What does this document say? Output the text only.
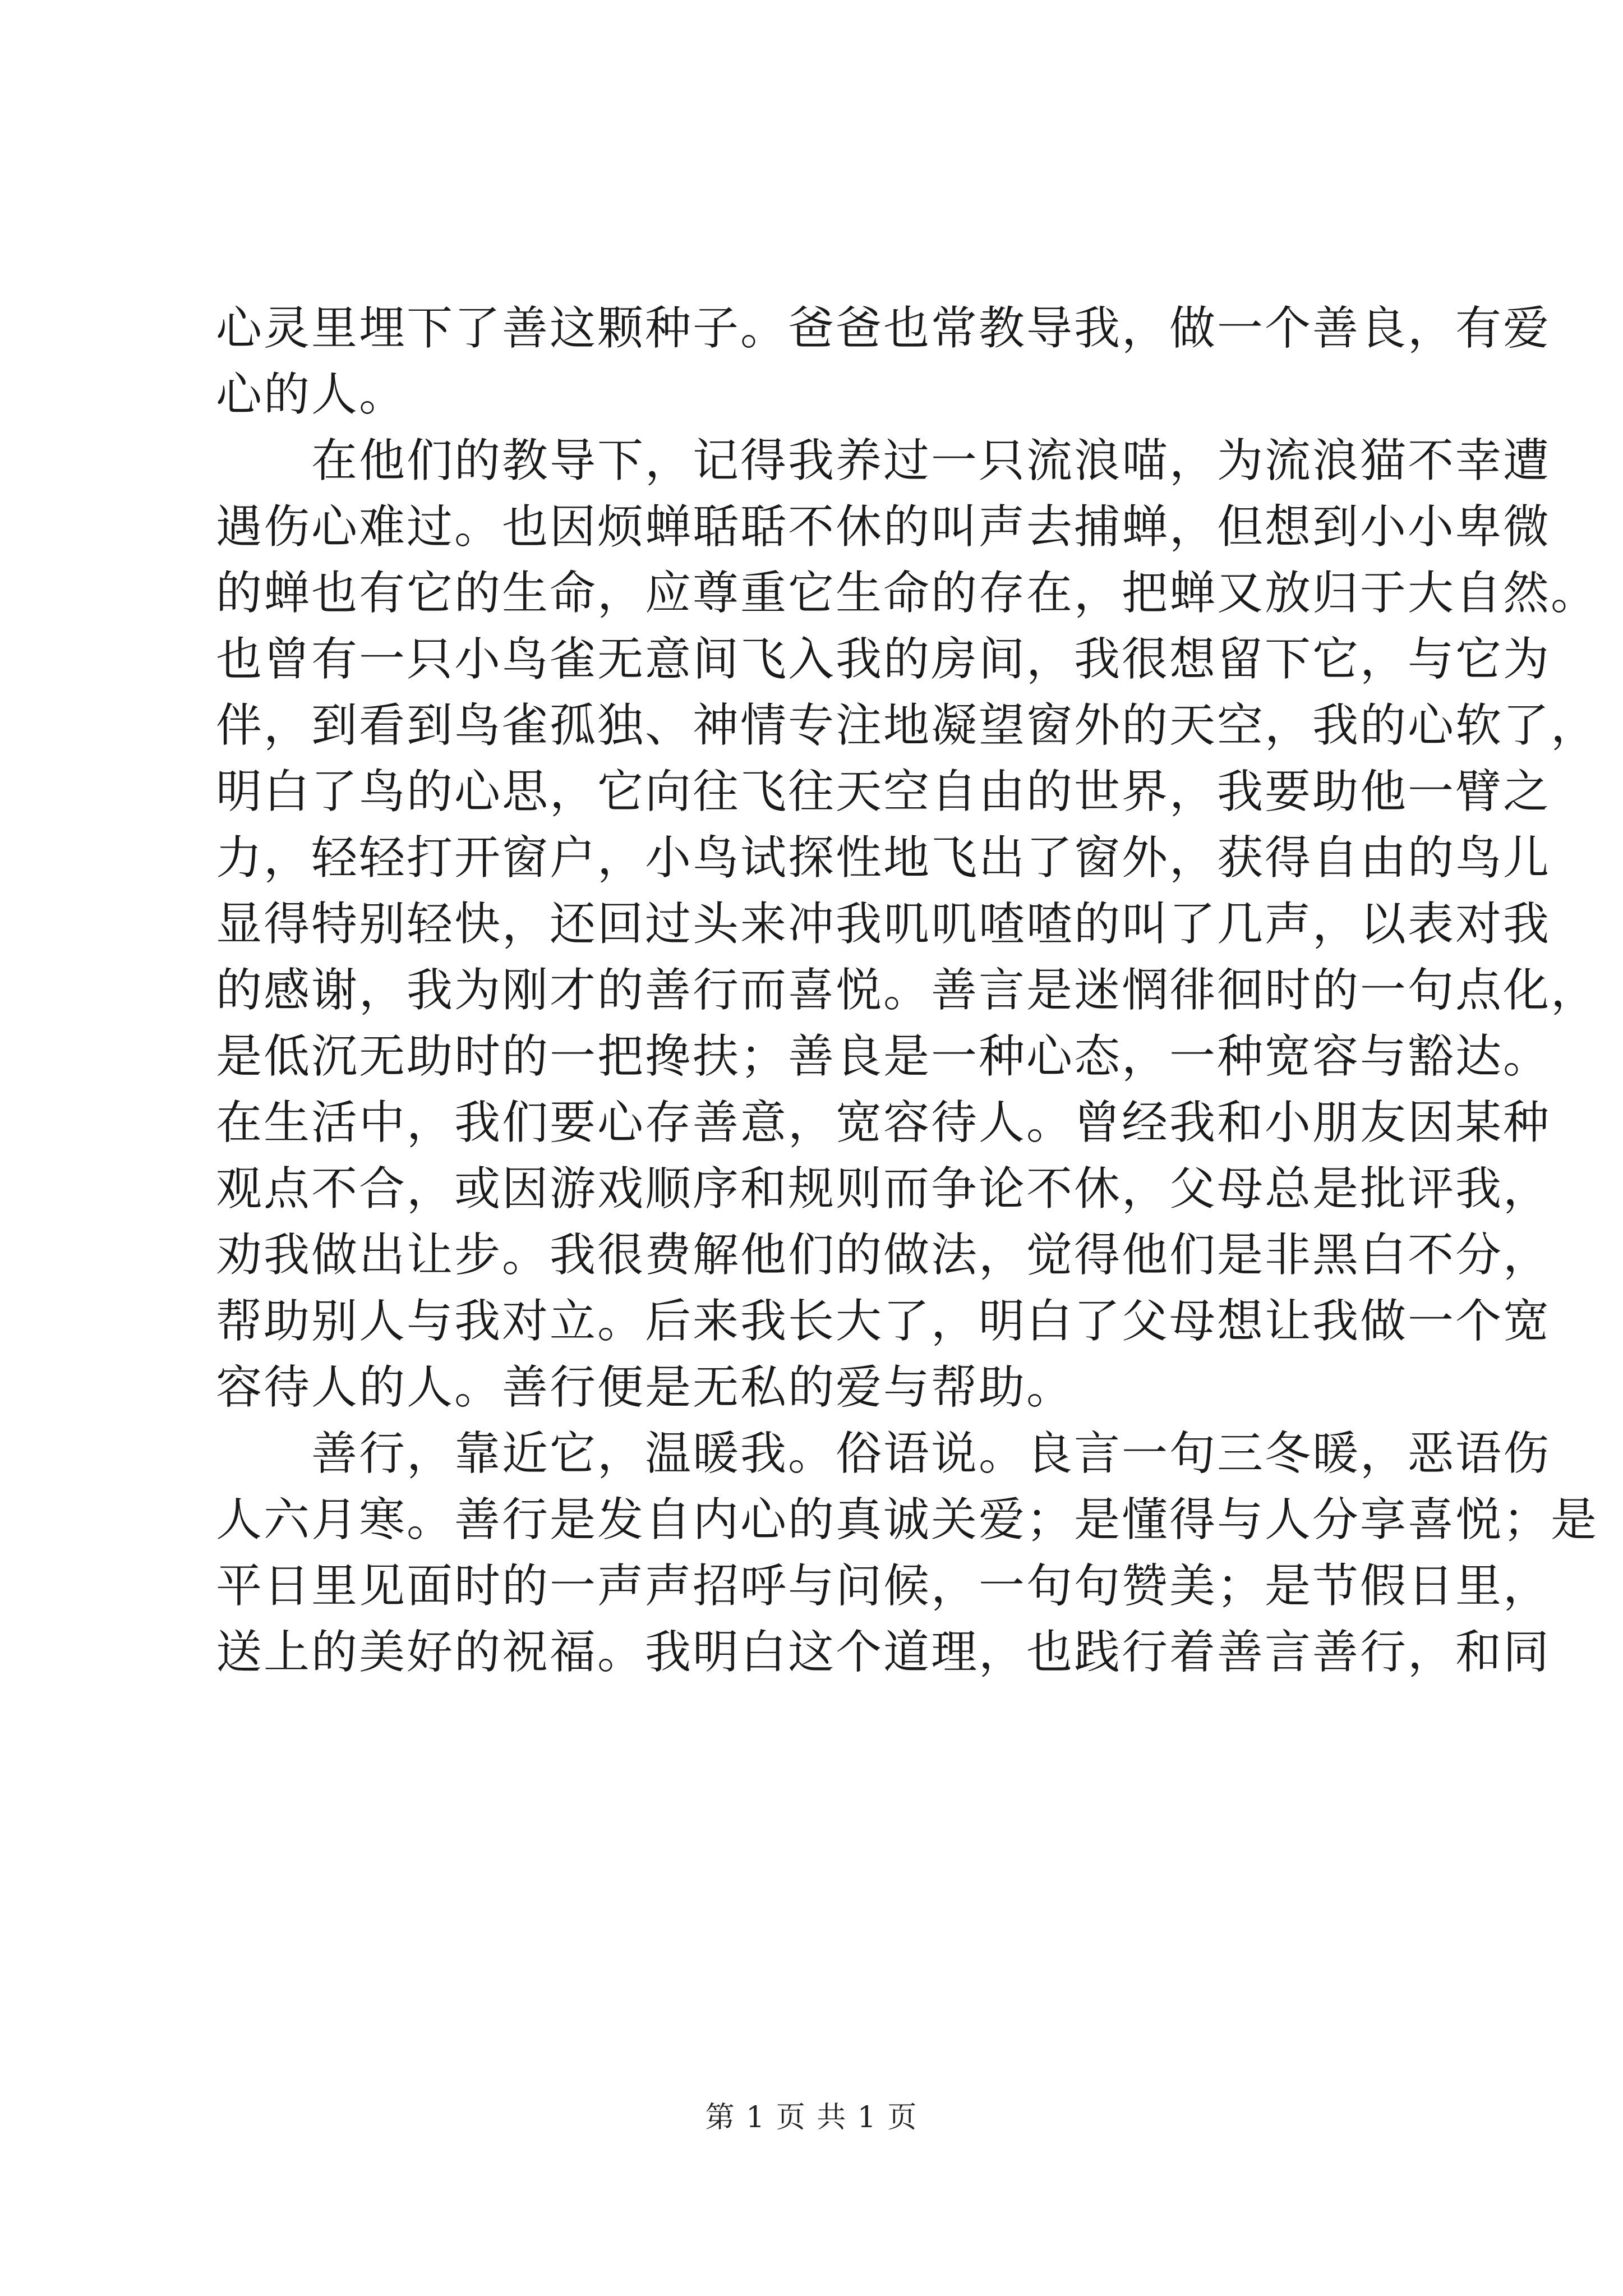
心灵里埋下了善这颗种子。爸爸也常教导我，做一个善良，有爱
心的人。
　　在他们的教导下，记得我养过一只流浪喵，为流浪猫不幸遭
遇伤心难过。也因烦蝉聒聒不休的叫声去捕蝉，但想到小小卑微
的蝉也有它的生命，应尊重它生命的存在，把蝉又放归于大自然。
也曾有一只小鸟雀无意间飞入我的房间，我很想留下它，与它为
伴，到看到鸟雀孤独、神情专注地凝望窗外的天空，我的心软了，
明白了鸟的心思，它向往飞往天空自由的世界，我要助他一臂之
力，轻轻打开窗户，小鸟试探性地飞出了窗外，获得自由的鸟儿
显得特别轻快，还回过头来冲我叽叽喳喳的叫了几声，以表对我
的感谢，我为刚才的善行而喜悦。善言是迷惘徘徊时的一句点化，
是低沉无助时的一把搀扶；善良是一种心态，一种宽容与豁达。
在生活中，我们要心存善意，宽容待人。曾经我和小朋友因某种
观点不合，或因游戏顺序和规则而争论不休，父母总是批评我，
劝我做出让步。我很费解他们的做法，觉得他们是非黑白不分，
帮助别人与我对立。后来我长大了，明白了父母想让我做一个宽
容待人的人。善行便是无私的爱与帮助。
　　善行，靠近它，温暖我。俗语说。良言一句三冬暖，恶语伤
人六月寒。善行是发自内心的真诚关爱；是懂得与人分享喜悦；是
平日里见面时的一声声招呼与问候，一句句赞美；是节假日里，
送上的美好的祝福。我明白这个道理，也践行着善言善行，和同
第 1 页 共 1 页
